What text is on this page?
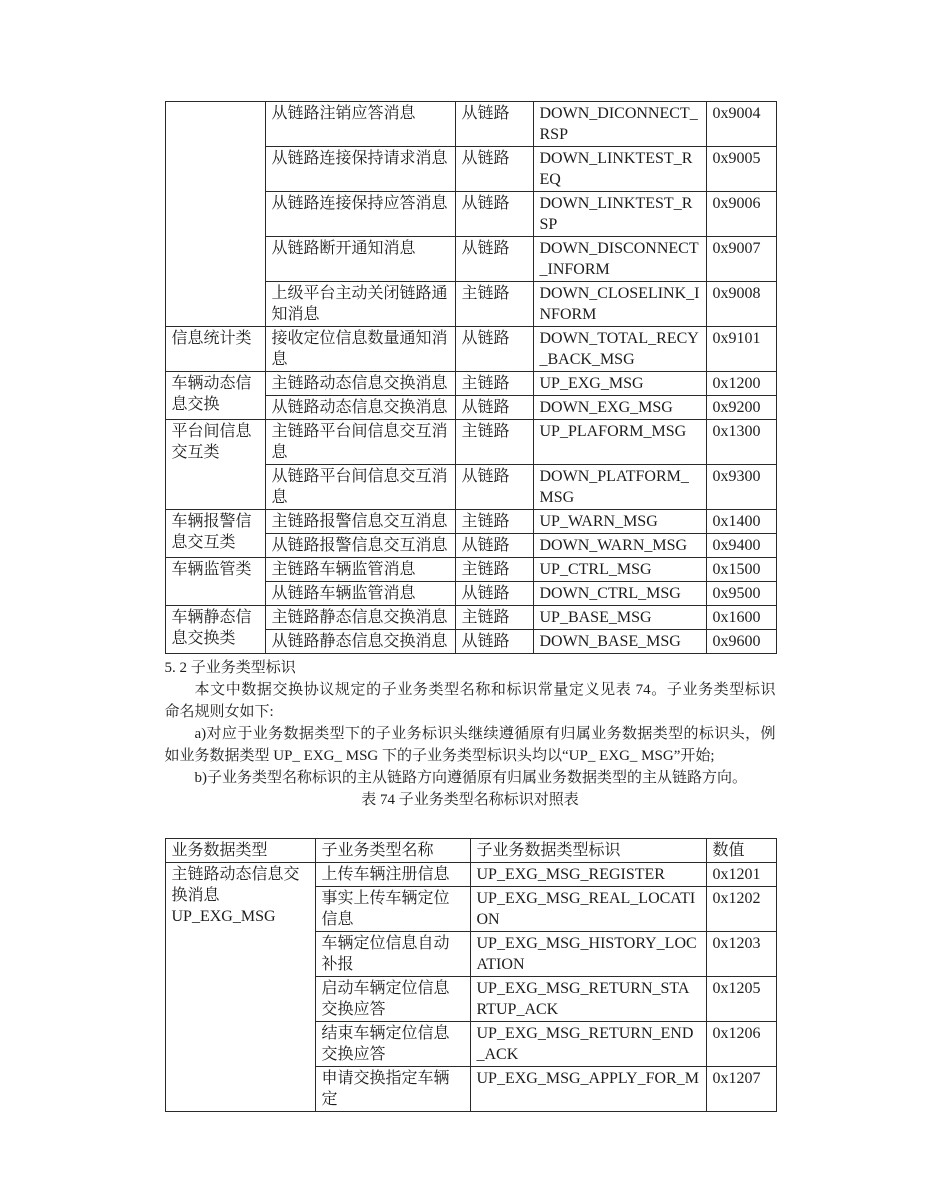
	从链路注销应答消息	从链路	DOWN_DICONNECT_RSP	0x9004
	从链路连接保持请求消息	从链路	DOWN_LINKTEST_REQ	0x9005
	从链路连接保持应答消息	从链路	DOWN_LINKTEST_RSP	0x9006
	从链路断开通知消息	从链路	DOWN_DISCONNECT_INFORM	0x9007
	上级平台主动关闭链路通知消息	主链路	DOWN_CLOSELINK_INFORM	0x9008
信息统计类	接收定位信息数量通知消息	从链路	DOWN_TOTAL_RECY_BACK_MSG	0x9101
车辆动态信息交换	主链路动态信息交换消息	主链路	UP_EXG_MSG	0x1200
	从链路动态信息交换消息	从链路	DOWN_EXG_MSG	0x9200
平台间信息交互类	主链路平台间信息交互消息	主链路	UP_PLAFORM_MSG	0x1300
	从链路平台间信息交互消息	从链路	DOWN_PLATFORM_MSG	0x9300
车辆报警信息交互类	主链路报警信息交互消息	主链路	UP_WARN_MSG	0x1400
	从链路报警信息交互消息	从链路	DOWN_WARN_MSG	0x9400
车辆监管类	主链路车辆监管消息	主链路	UP_CTRL_MSG	0x1500
	从链路车辆监管消息	从链路	DOWN_CTRL_MSG	0x9500
车辆静态信息交换类	主链路静态信息交换消息	主链路	UP_BASE_MSG	0x1600
	从链路静态信息交换消息	从链路	DOWN_BASE_MSG	0x9600
5. 2 子业务类型标识
本文中数据交换协议规定的子业务类型名称和标识常量定义见表 74。子业务类型标识
命名规则女如下:
a)对应于业务数据类型下的子业务标识头继续遵循原有归属业务数据类型的标识头，例
如业务数据类型 UP_ EXG_ MSG 下的子业务类型标识头均以“UP_ EXG_ MSG”开始;
b)子业务类型名称标识的主从链路方向遵循原有归属业务数据类型的主从链路方向。
表 74 子业务类型名称标识对照表
业务数据类型	子业务类型名称	子业务数据类型标识	数值
主链路动态信息交换消息 UP_EXG_MSG	上传车辆注册信息	UP_EXG_MSG_REGISTER	0x1201
	事实上传车辆定位信息	UP_EXG_MSG_REAL_LOCATION	0x1202
	车辆定位信息自动补报	UP_EXG_MSG_HISTORY_LOCATION	0x1203
	启动车辆定位信息交换应答	UP_EXG_MSG_RETURN_STARTUP_ACK	0x1205
	结束车辆定位信息交换应答	UP_EXG_MSG_RETURN_END_ACK	0x1206
	申请交换指定车辆定	UP_EXG_MSG_APPLY_FOR_M	0x1207
